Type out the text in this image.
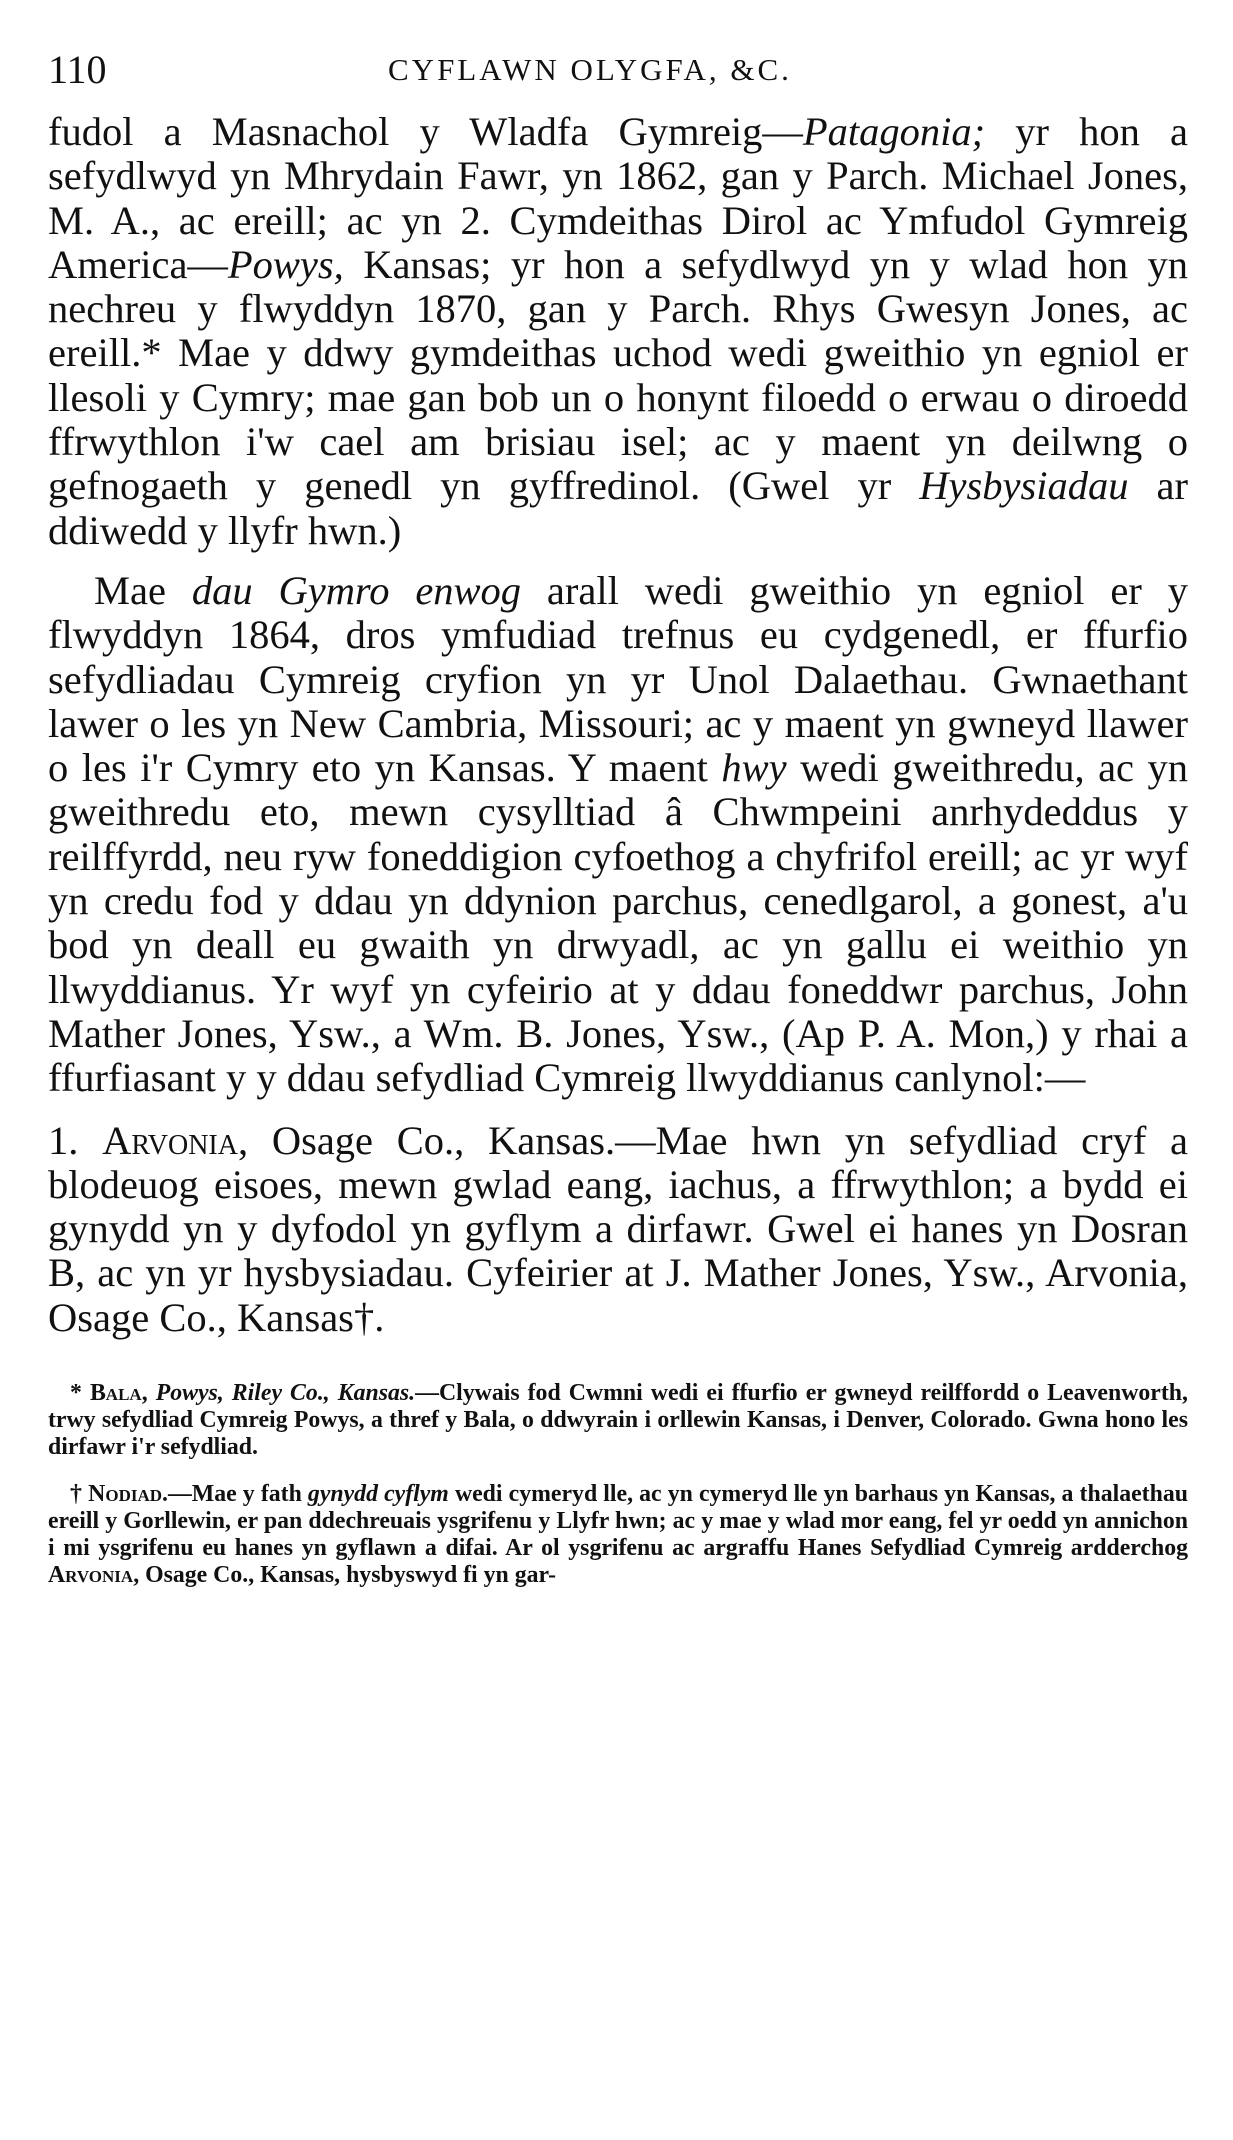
110	CYFLAWN OLYGFA, &C.

fudol a Masnachol y Wladfa Gymreig—Patagonia; yr hon a sefydlwyd yn Mhrydain Fawr, yn 1862, gan y Parch. Michael Jones, M. A., ac ereill; ac yn 2. Cymdeithas Dirol ac Ymfudol Gymreig America—Powys, Kansas; yr hon a sefydlwyd yn y wlad hon yn nechreu y flwyddyn 1870, gan y Parch. Rhys Gwesyn Jones, ac ereill.* Mae y ddwy gymdeithas uchod wedi gweithio yn egniol er llesoli y Cymry; mae gan bob un o honynt filoedd o erwau o diroedd ffrwythlon i'w cael am brisiau isel; ac y maent yn deilwng o gefnogaeth y genedl yn gyffredinol. (Gwel yr Hysbysiadau ar ddiwedd y llyfr hwn.)

Mae dau Gymro enwog arall wedi gweithio yn egniol er y flwyddyn 1864, dros ymfudiad trefnus eu cydgenedl, er ffurfio sefydliadau Cymreig cryfion yn yr Unol Dalaethau. Gwnaethant lawer o les yn New Cambria, Missouri; ac y maent yn gwneyd llawer o les i'r Cymry eto yn Kansas. Y maent hwy wedi gweithredu, ac yn gweithredu eto, mewn cysylltiad â Chwmpeini anrhydeddus y reilffyrdd, neu ryw foneddigion cyfoethog a chyfrifol ereill; ac yr wyf yn credu fod y ddau yn ddynion parchus, cenedlgarol, a gonest, a'u bod yn deall eu gwaith yn drwyadl, ac yn gallu ei weithio yn llwyddianus. Yr wyf yn cyfeirio at y ddau foneddwr parchus, John Mather Jones, Ysw., a Wm. B. Jones, Ysw., (Ap P. A. Mon,) y rhai a ffurfiasant y y ddau sefydliad Cymreig llwyddianus canlynol:—

1. Arvonia, Osage Co., Kansas.—Mae hwn yn sefydliad cryf a blodeuog eisoes, mewn gwlad eang, iachus, a ffrwythlon; a bydd ei gynydd yn y dyfodol yn gyflym a dirfawr. Gwel ei hanes yn Dosran B, ac yn yr hysbysiadau. Cyfeirier at J. Mather Jones, Ysw., Arvonia, Osage Co., Kansas†.

* Bala, Powys, Riley Co., Kansas.—Clywais fod Cwmni wedi ei ffurfio er gwneyd reilffordd o Leavenworth, trwy sefydliad Cymreig Powys, a thref y Bala, o ddwyrain i orllewin Kansas, i Denver, Colorado. Gwna hono les dirfawr i'r sefydliad.

† Nodiad.—Mae y fath gynydd cyflym wedi cymeryd lle, ac yn cymeryd lle yn barhaus yn Kansas, a thalaethau ereill y Gorllewin, er pan ddechreuais ysgrifenu y Llyfr hwn; ac y mae y wlad mor eang, fel yr oedd yn annichon i mi ysgrifenu eu hanes yn gyflawn a difai. Ar ol ysgrifenu ac argraffu Hanes Sefydliad Cymreig ardderchog Arvonia, Osage Co., Kansas, hysbyswyd fi yn gar-
